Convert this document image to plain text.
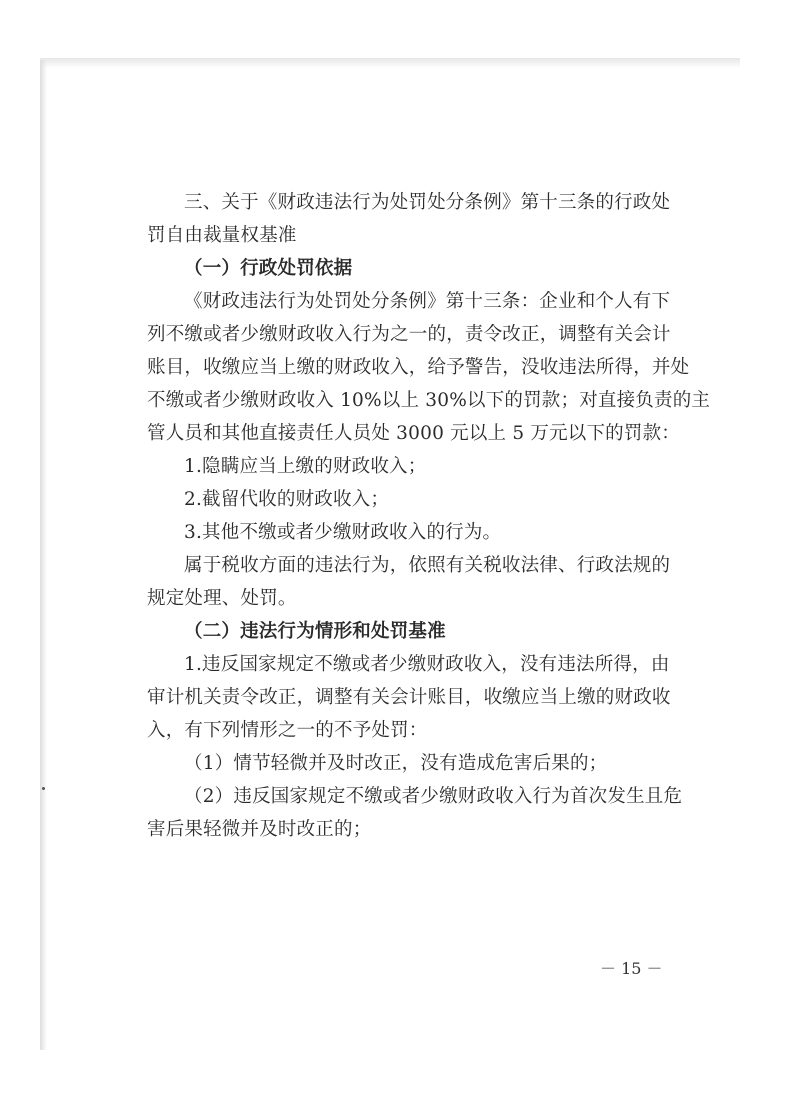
三、关于《财政违法行为处罚处分条例》第十三条的行政处

罚自由裁量权基准

（一）行政处罚依据

《财政违法行为处罚处分条例》第十三条：企业和个人有下

列不缴或者少缴财政收入行为之一的，责令改正，调整有关会计

账目，收缴应当上缴的财政收入，给予警告，没收违法所得，并处

不缴或者少缴财政收入 10%以上 30%以下的罚款；对直接负责的主

管人员和其他直接责任人员处 3000 元以上 5 万元以下的罚款：

1.隐瞒应当上缴的财政收入；

2.截留代收的财政收入；

3.其他不缴或者少缴财政收入的行为。

属于税收方面的违法行为，依照有关税收法律、行政法规的

规定处理、处罚。

（二）违法行为情形和处罚基准

1.违反国家规定不缴或者少缴财政收入，没有违法所得，由

审计机关责令改正，调整有关会计账目，收缴应当上缴的财政收

入，有下列情形之一的不予处罚：

（1）情节轻微并及时改正，没有造成危害后果的；

（2）违反国家规定不缴或者少缴财政收入行为首次发生且危

害后果轻微并及时改正的；

－ 15 －
